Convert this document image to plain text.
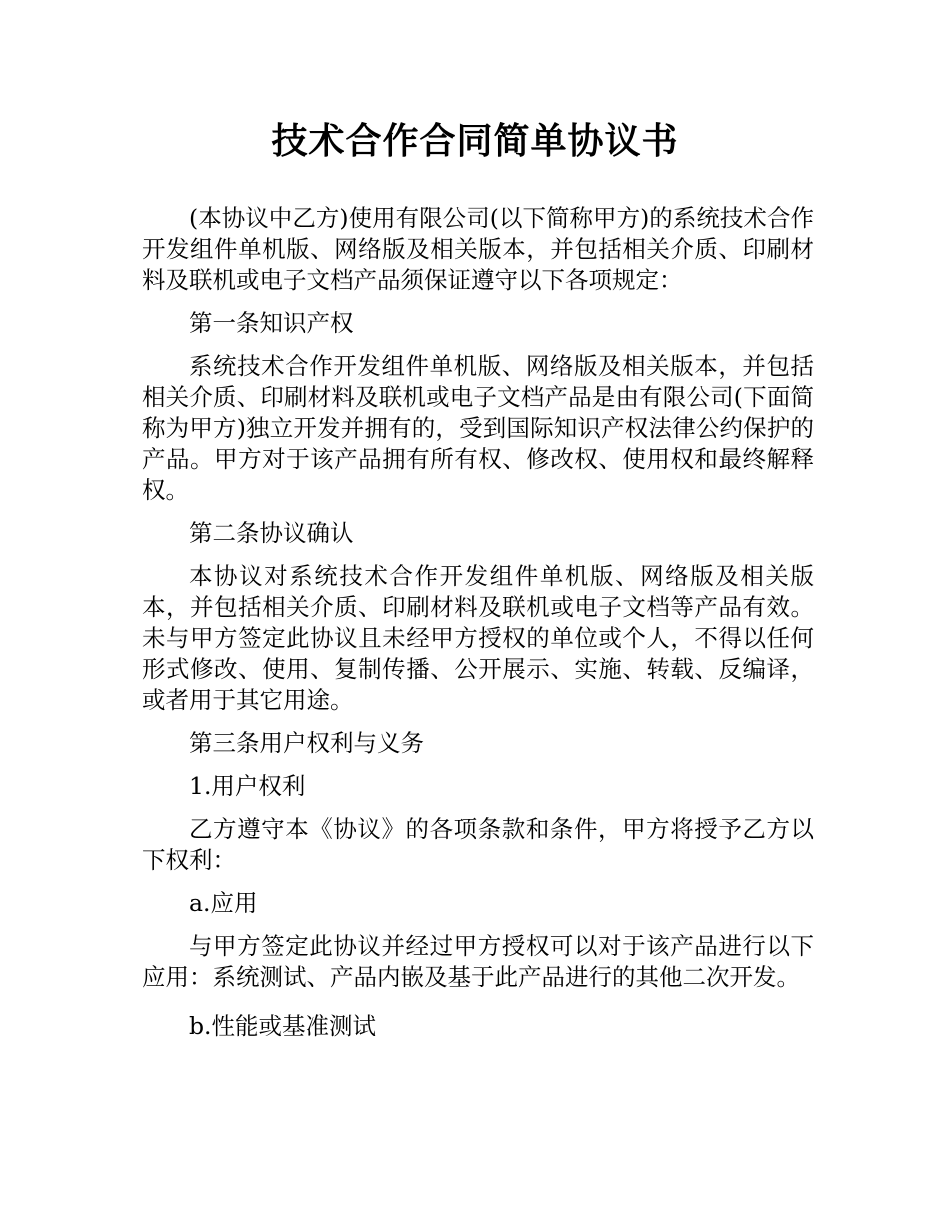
技术合作合同简单协议书

(本协议中乙方)使用有限公司(以下简称甲方)的系统技术合作开发组件单机版、网络版及相关版本，并包括相关介质、印刷材料及联机或电子文档产品须保证遵守以下各项规定：

第一条知识产权

系统技术合作开发组件单机版、网络版及相关版本，并包括相关介质、印刷材料及联机或电子文档产品是由有限公司(下面简称为甲方)独立开发并拥有的，受到国际知识产权法律公约保护的产品。甲方对于该产品拥有所有权、修改权、使用权和最终解释权。

第二条协议确认

本协议对系统技术合作开发组件单机版、网络版及相关版本，并包括相关介质、印刷材料及联机或电子文档等产品有效。未与甲方签定此协议且未经甲方授权的单位或个人，不得以任何形式修改、使用、复制传播、公开展示、实施、转载、反编译，或者用于其它用途。

第三条用户权利与义务

1.用户权利

乙方遵守本《协议》的各项条款和条件，甲方将授予乙方以下权利：

a.应用

与甲方签定此协议并经过甲方授权可以对于该产品进行以下应用：系统测试、产品内嵌及基于此产品进行的其他二次开发。

b.性能或基准测试
